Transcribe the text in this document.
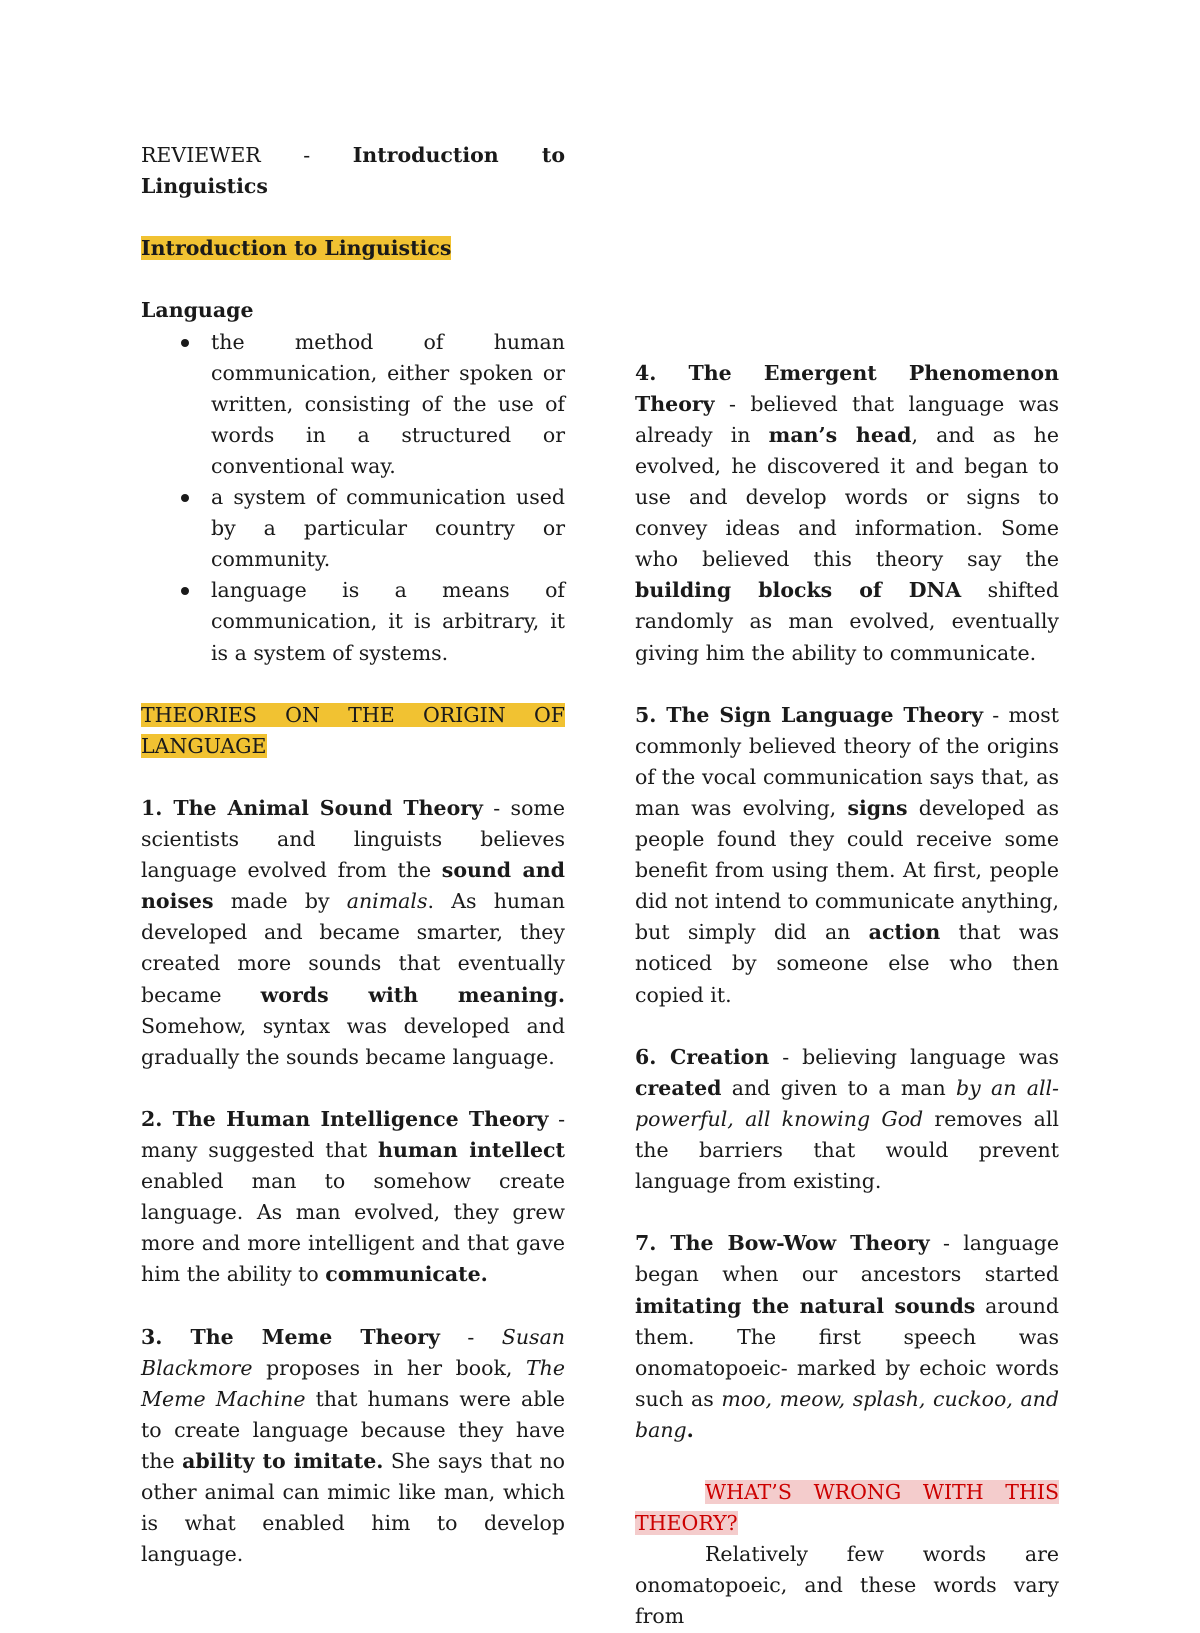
REVIEWER - Introduction to Linguistics

Introduction to Linguistics

Language

the method of human communication, either spoken or written, consisting of the use of words in a structured or conventional way.
a system of communication used by a particular country or community.
language is a means of communication, it is arbitrary, it is a system of systems.

THEORIES ON THE ORIGIN OF LANGUAGE

1. The Animal Sound Theory - some scientists and linguists believes language evolved from the sound and noises made by animals. As human developed and became smarter, they created more sounds that eventually became words with meaning. Somehow, syntax was developed and gradually the sounds became language.

2. The Human Intelligence Theory - many suggested that human intellect enabled man to somehow create language. As man evolved, they grew more and more intelligent and that gave him the ability to communicate.

3. The Meme Theory - Susan Blackmore proposes in her book, The Meme Machine that humans were able to create language because they have the ability to imitate. She says that no other animal can mimic like man, which is what enabled him to develop language.

4. The Emergent Phenomenon Theory - believed that language was already in man’s head, and as he evolved, he discovered it and began to use and develop words or signs to convey ideas and information. Some who believed this theory say the building blocks of DNA shifted randomly as man evolved, eventually giving him the ability to communicate.

5. The Sign Language Theory - most commonly believed theory of the origins of the vocal communication says that, as man was evolving, signs developed as people found they could receive some benefit from using them. At first, people did not intend to communicate anything, but simply did an action that was noticed by someone else who then copied it.

6. Creation - believing language was created and given to a man by an all-powerful, all knowing God removes all the barriers that would prevent language from existing.

7. The Bow-Wow Theory - language began when our ancestors started imitating the natural sounds around them. The first speech was onomatopoeic- marked by echoic words such as moo, meow, splash, cuckoo, and bang.

WHAT’S WRONG WITH THIS THEORY?

Relatively few words are onomatopoeic, and these words vary from
